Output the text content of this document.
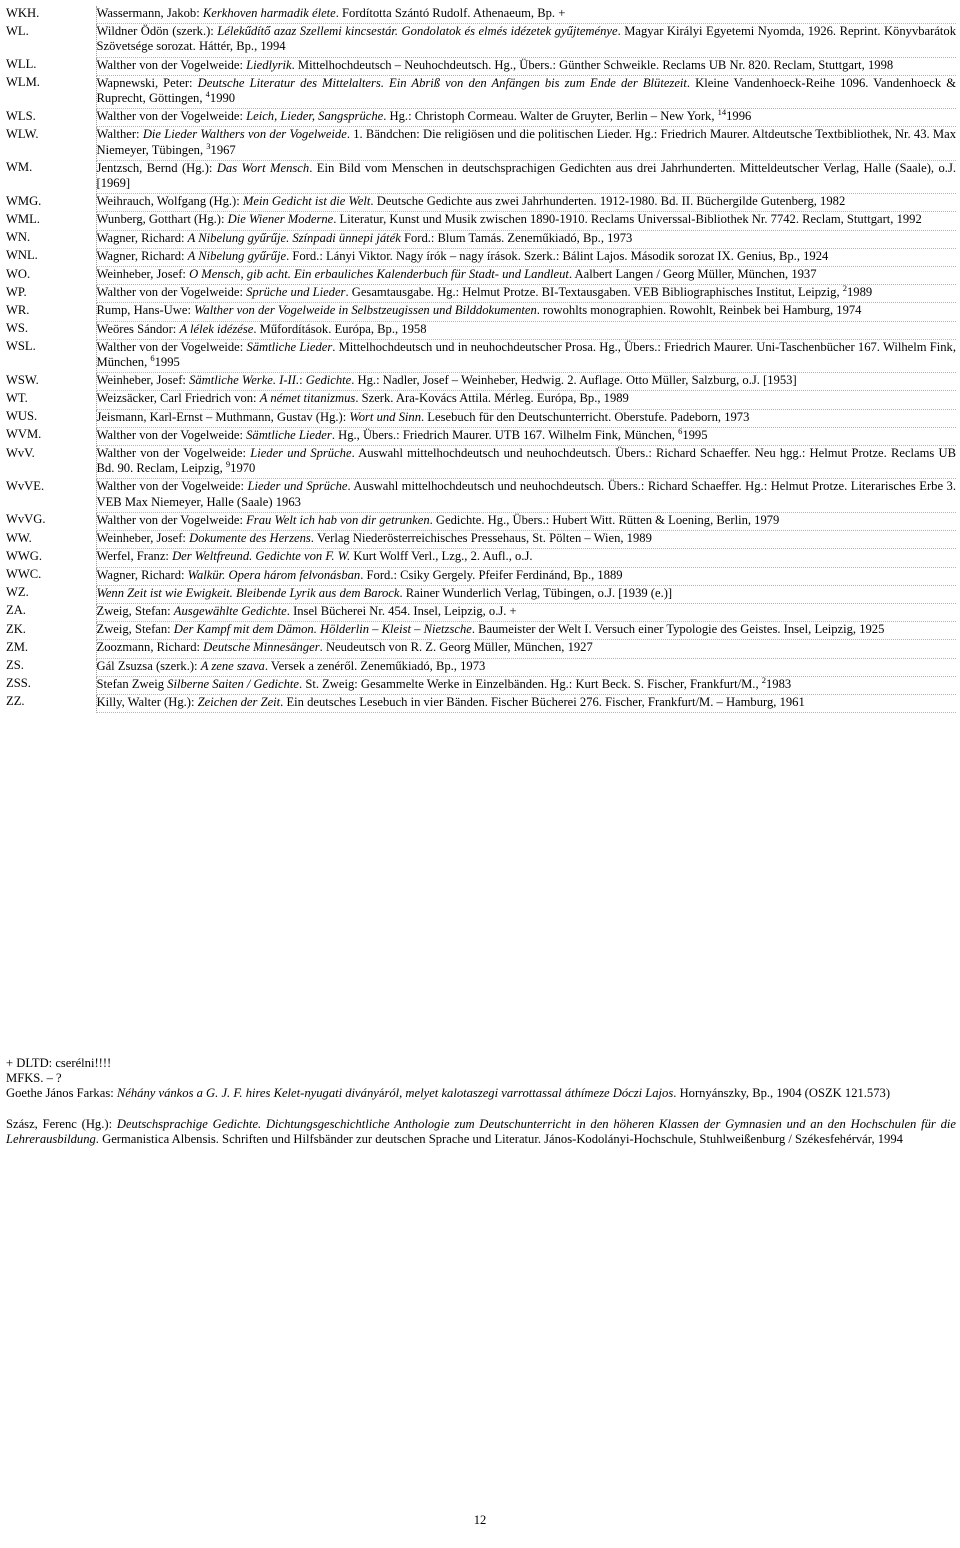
WKH.	Wassermann, Jakob: Kerkhoven harmadik élete. Fordította Szántó Rudolf. Athenaeum, Bp. +
WL.	Wildner Ödön (szerk.): Lélekűdítő azaz Szellemi kincsestár. Gondolatok és elmés idézetek gyűjteménye. Magyar Királyi Egyetemi Nyomda, 1926. Reprint. Könyvbarátok Szövetsége sorozat. Háttér, Bp., 1994
WLL.	Walther von der Vogelweide: Liedlyrik. Mittelhochdeutsch – Neuhochdeutsch. Hg., Übers.: Günther Schweikle. Reclams UB Nr. 820. Reclam, Stuttgart, 1998
WLM.	Wapnewski, Peter: Deutsche Literatur des Mittelalters. Ein Abriß von den Anfängen bis zum Ende der Blütezeit. Kleine Vandenhoeck-Reihe 1096. Vandenhoeck & Ruprecht, Göttingen, $^4$1990
WLS.	Walther von der Vogelweide: Leich, Lieder, Sangsprüche. Hg.: Christoph Cormeau. Walter de Gruyter, Berlin – New York, $^{14}$1996
WLW.	Walther: Die Lieder Walthers von der Vogelweide. 1. Bändchen: Die religiösen und die politischen Lieder. Hg.: Friedrich Maurer. Altdeutsche Textbibliothek, Nr. 43. Max Niemeyer, Tübingen, $^3$1967
WM.	Jentzsch, Bernd (Hg.): Das Wort Mensch. Ein Bild vom Menschen in deutschsprachigen Gedichten aus drei Jahrhunderten. Mitteldeutscher Verlag, Halle (Saale), o.J. [1969]
WMG.	Weihrauch, Wolfgang (Hg.): Mein Gedicht ist die Welt. Deutsche Gedichte aus zwei Jahrhunderten. 1912-1980. Bd. II. Büchergilde Gutenberg, 1982
WML.	Wunberg, Gotthart (Hg.): Die Wiener Moderne. Literatur, Kunst und Musik zwischen 1890-1910. Reclams Universsal-Bibliothek Nr. 7742. Reclam, Stuttgart, 1992
WN.	Wagner, Richard: A Nibelung gyűrűje. Színpadi ünnepi játék Ford.: Blum Tamás. Zeneműkiadó, Bp., 1973
WNL.	Wagner, Richard: A Nibelung gyűrűje. Ford.: Lányi Viktor. Nagy írók – nagy írások. Szerk.: Bálint Lajos. Második sorozat IX. Genius, Bp., 1924
WO.	Weinheber, Josef: O Mensch, gib acht. Ein erbauliches Kalenderbuch für Stadt- und Landleut. Aalbert Langen / Georg Müller, München, 1937
WP.	Walther von der Vogelweide: Sprüche und Lieder. Gesamtausgabe. Hg.: Helmut Protze. BI-Textausgaben. VEB Bibliographisches Institut, Leipzig, $^2$1989
WR.	Rump, Hans-Uwe: Walther von der Vogelweide in Selbstzeugissen und Bilddokumenten. rowohlts monographien. Rowohlt, Reinbek bei Hamburg, 1974
WS.	Weöres Sándor: A lélek idézése. Műfordítások. Európa, Bp., 1958
WSL.	Walther von der Vogelweide: Sämtliche Lieder. Mittelhochdeutsch und in neuhochdeutscher Prosa. Hg., Übers.: Friedrich Maurer. Uni-Taschenbücher 167. Wilhelm Fink, München, $^6$1995
WSW.	Weinheber, Josef: Sämtliche Werke. I-II.: Gedichte. Hg.: Nadler, Josef – Weinheber, Hedwig. 2. Auflage. Otto Müller, Salzburg, o.J. [1953]
WT.	Weizsäcker, Carl Friedrich von: A német titanizmus. Szerk. Ara-Kovács Attila. Mérleg. Európa, Bp., 1989
WUS.	Jeismann, Karl-Ernst – Muthmann, Gustav (Hg.): Wort und Sinn. Lesebuch für den Deutschunterricht. Oberstufe. Padeborn, 1973
WVM.	Walther von der Vogelweide: Sämtliche Lieder. Hg., Übers.: Friedrich Maurer. UTB 167. Wilhelm Fink, München, $^6$1995
WvV.	Walther von der Vogelweide: Lieder und Sprüche. Auswahl mittelhochdeutsch und neuhochdeutsch. Übers.: Richard Schaeffer. Neu hgg.: Helmut Protze. Reclams UB Bd. 90. Reclam, Leipzig, $^9$1970
WvVE.	Walther von der Vogelweide: Lieder und Sprüche. Auswahl mittelhochdeutsch und neuhochdeutsch. Übers.: Richard Schaeffer. Hg.: Helmut Protze. Literarisches Erbe 3. VEB Max Niemeyer, Halle (Saale) 1963
WvVG.	Walther von der Vogelweide: Frau Welt ich hab von dir getrunken. Gedichte. Hg., Übers.: Hubert Witt. Rütten & Loening, Berlin, 1979
WW.	Weinheber, Josef: Dokumente des Herzens. Verlag Niederösterreichisches Pressehaus, St. Pölten – Wien, 1989
WWG.	Werfel, Franz: Der Weltfreund. Gedichte von F. W. Kurt Wolff Verl., Lzg., 2. Aufl., o.J.
WWC.	Wagner, Richard: Walkür. Opera három felvonásban. Ford.: Csiky Gergely. Pfeifer Ferdinánd, Bp., 1889
WZ.	Wenn Zeit ist wie Ewigkeit. Bleibende Lyrik aus dem Barock. Rainer Wunderlich Verlag, Tübingen, o.J. [1939 (e.)]
ZA.	Zweig, Stefan: Ausgewählte Gedichte. Insel Bücherei Nr. 454. Insel, Leipzig, o.J. +
ZK.	Zweig, Stefan: Der Kampf mit dem Dämon. Hölderlin – Kleist – Nietzsche. Baumeister der Welt I. Versuch einer Typologie des Geistes. Insel, Leipzig, 1925
ZM.	Zoozmann, Richard: Deutsche Minnesänger. Neudeutsch von R. Z. Georg Müller, München, 1927
ZS.	Gál Zsuzsa (szerk.): A zene szava. Versek a zenéről. Zeneműkiadó, Bp., 1973
ZSS.	Stefan Zweig Silberne Saiten / Gedichte. St. Zweig: Gesammelte Werke in Einzelbänden. Hg.: Kurt Beck. S. Fischer, Frankfurt/M., $^2$1983
ZZ.	Killy, Walter (Hg.): Zeichen der Zeit. Ein deutsches Lesebuch in vier Bänden. Fischer Bücherei 276. Fischer, Frankfurt/M. – Hamburg, 1961

+ DLTD: cserélni!!!!

MFKS. – ?

Goethe János Farkas: Néhány vánkos a G. J. F. hires Kelet-nyugati diványáról, melyet kalotaszegi varrottassal áthímeze Dóczi Lajos. Hornyánszky, Bp., 1904 (OSZK 121.573)

Szász, Ferenc (Hg.): Deutschsprachige Gedichte. Dichtungsgeschichtliche Anthologie zum Deutschunterricht in den höheren Klassen der Gymnasien und an den Hochschulen für die Lehrerausbildung. Germanistica Albensis. Schriften und Hilfsbänder zur deutschen Sprache und Literatur. János-Kodolányi-Hochschule, Stuhlweißenburg / Székesfehérvár, 1994

12
